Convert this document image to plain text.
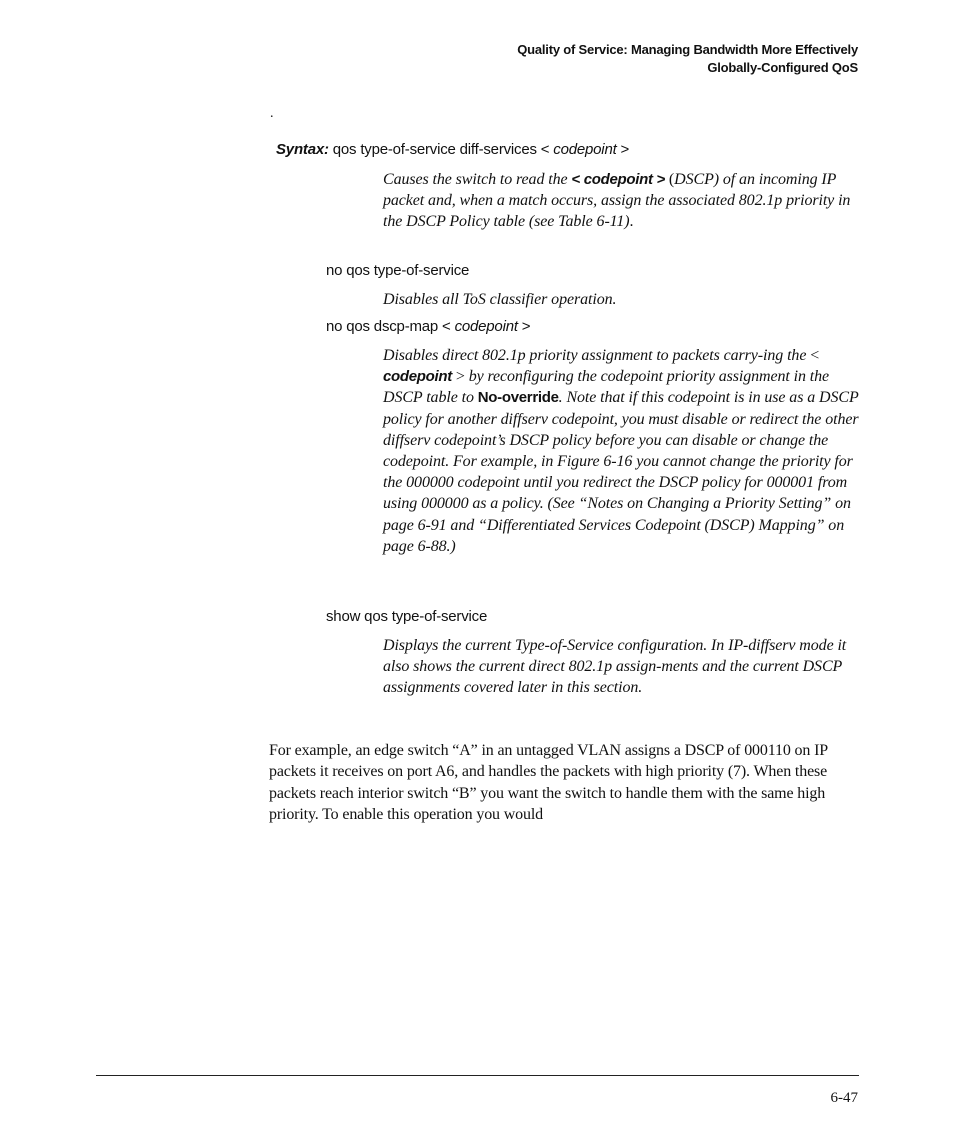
Quality of Service: Managing Bandwidth More Effectively
Globally-Configured QoS
.
Syntax: qos type-of-service diff-services < codepoint >
Causes the switch to read the < codepoint > (DSCP) of an incoming IP packet and, when a match occurs, assign the associated 802.1p priority in the DSCP Policy table (see Table 6-11).
no qos type-of-service
Disables all ToS classifier operation.
no qos dscp-map < codepoint >
Disables direct 802.1p priority assignment to packets carry-ing the < codepoint > by reconfiguring the codepoint priority assignment in the DSCP table to No-override. Note that if this codepoint is in use as a DSCP policy for another diffserv codepoint, you must disable or redirect the other diffserv codepoint’s DSCP policy before you can disable or change the codepoint. For example, in Figure 6-16 you cannot change the priority for the 000000 codepoint until you redirect the DSCP policy for 000001 from using 000000 as a policy. (See “Notes on Changing a Priority Setting” on page 6-91 and “Differentiated Services Codepoint (DSCP) Mapping” on page 6-88.)
show qos type-of-service
Displays the current Type-of-Service configuration. In IP-diffserv mode it also shows the current direct 802.1p assign-ments and the current DSCP assignments covered later in this section.
For example, an edge switch “A” in an untagged VLAN assigns a DSCP of 000110 on IP packets it receives on port A6, and handles the packets with high priority (7). When these packets reach interior switch “B” you want the switch to handle them with the same high priority. To enable this operation you would
6-47
